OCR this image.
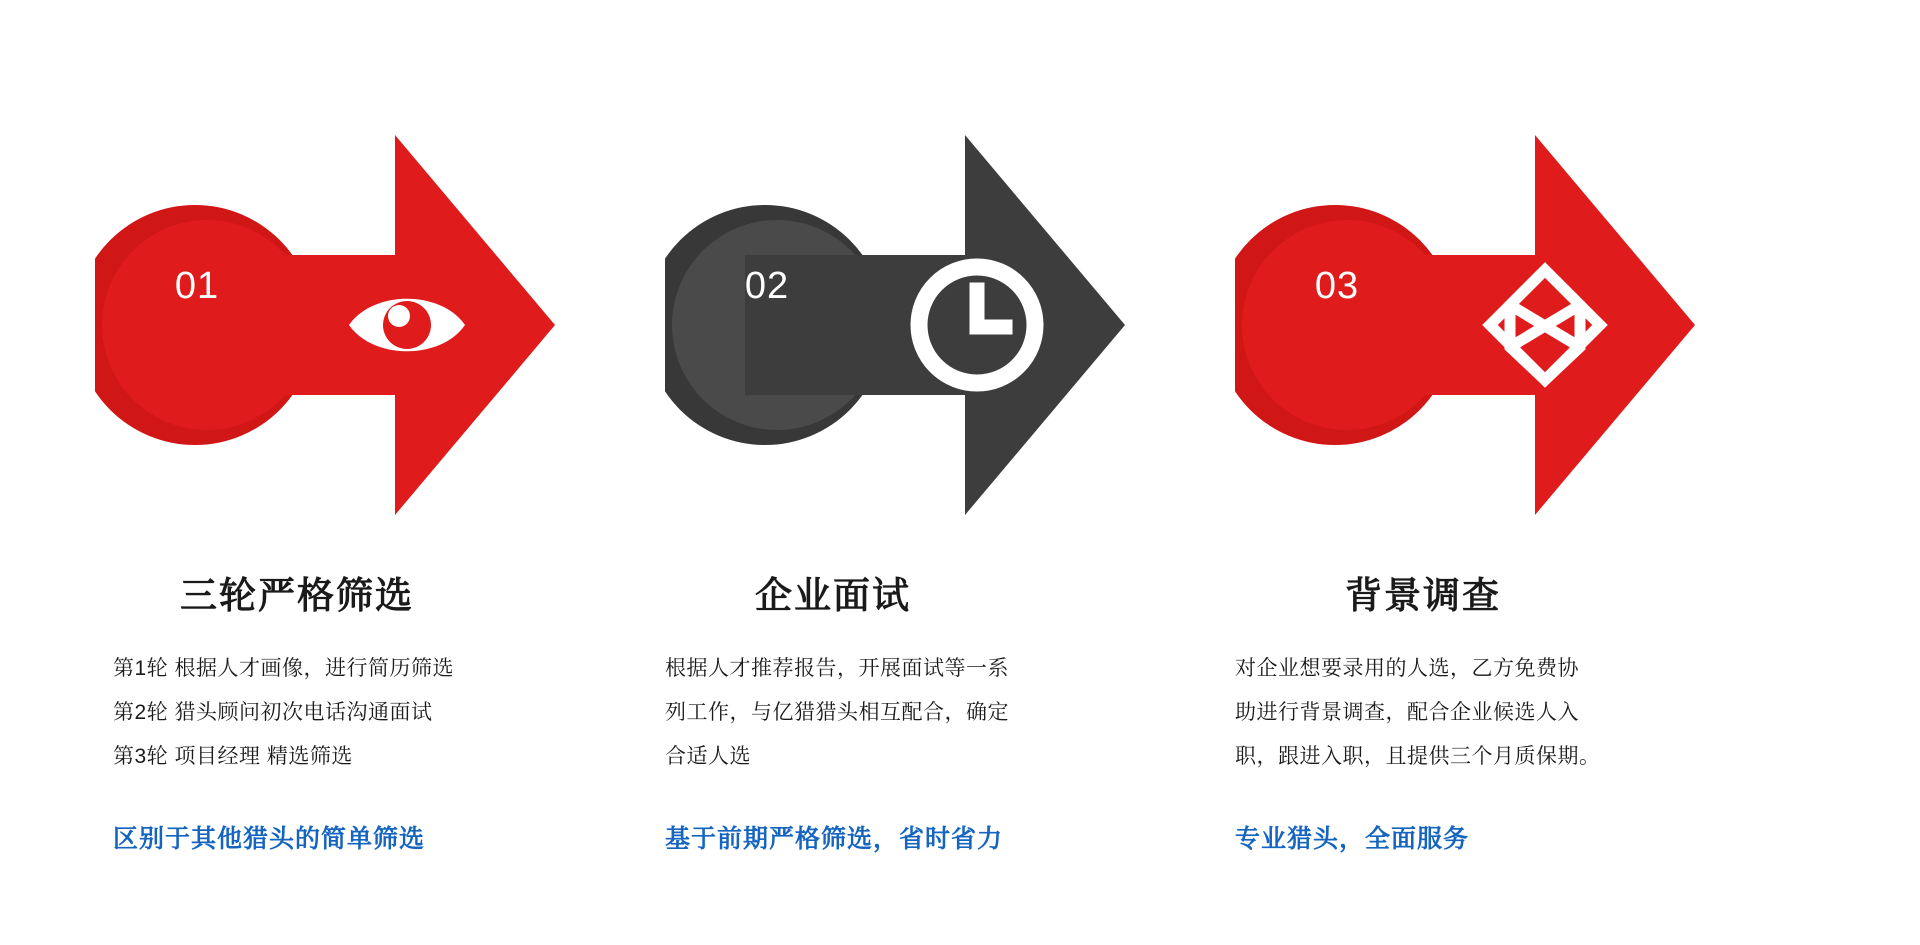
01
三轮严格筛选
第1轮 根据人才画像，进行简历筛选
第2轮 猎头顾问初次电话沟通面试
第3轮 项目经理 精选筛选
区别于其他猎头的简单筛选
02
企业面试
根据人才推荐报告，开展面试等一系
列工作，与亿猎猎头相互配合，确定
合适人选
基于前期严格筛选，省时省力
03
背景调查
对企业想要录用的人选，乙方免费协
助进行背景调查，配合企业候选人入
职，跟进入职，且提供三个月质保期。
专业猎头，全面服务
